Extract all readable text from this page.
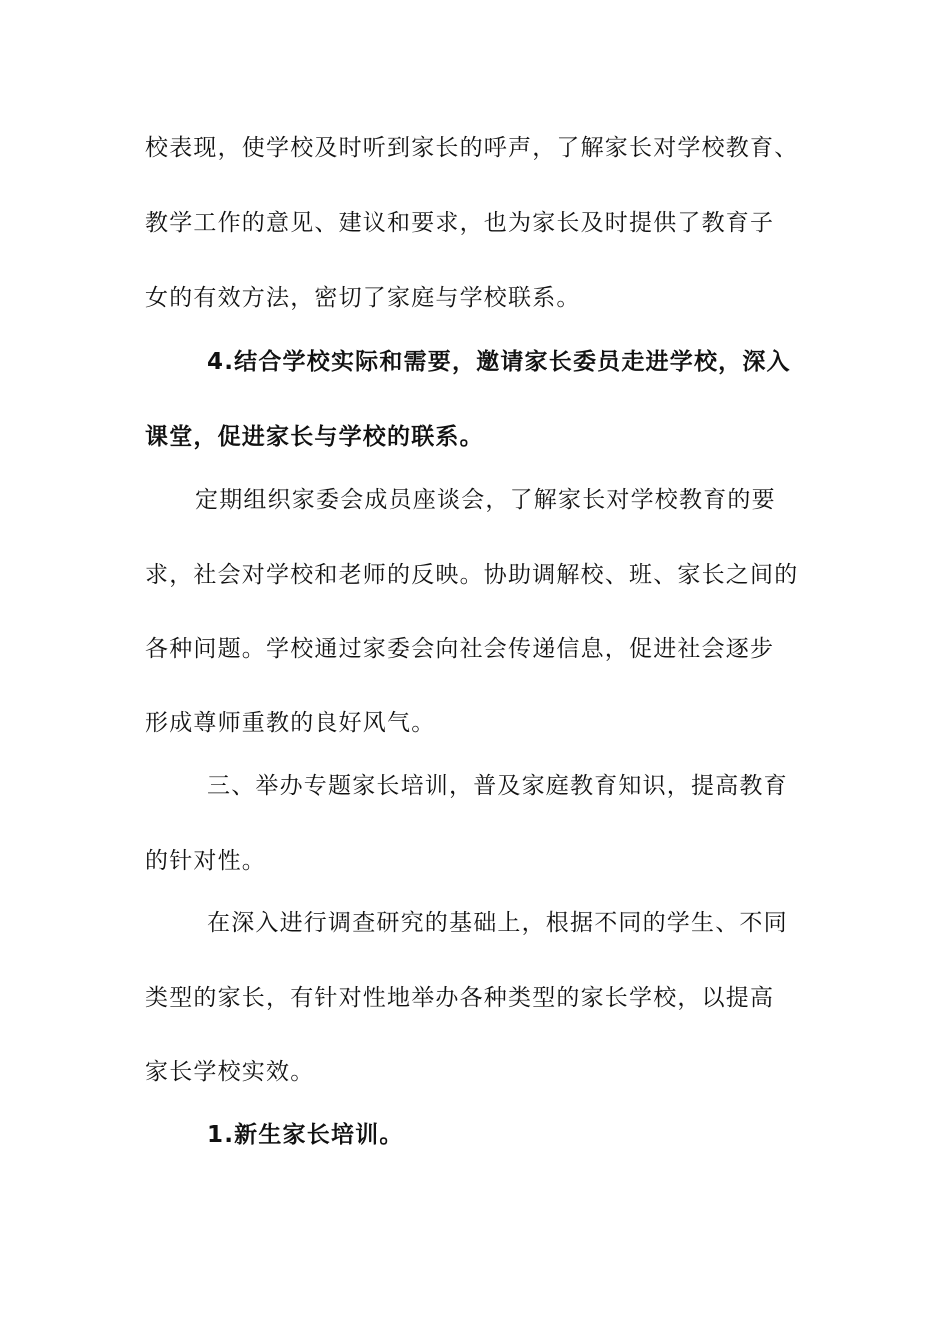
校表现，使学校及时听到家长的呼声，了解家长对学校教育、
教学工作的意见、建议和要求，也为家长及时提供了教育子
女的有效方法，密切了家庭与学校联系。
4.结合学校实际和需要，邀请家长委员走进学校，深入
课堂，促进家长与学校的联系。
定期组织家委会成员座谈会，了解家长对学校教育的要
求，社会对学校和老师的反映。协助调解校、班、家长之间的
各种问题。学校通过家委会向社会传递信息，促进社会逐步
形成尊师重教的良好风气。
三、举办专题家长培训，普及家庭教育知识，提高教育
的针对性。
在深入进行调查研究的基础上，根据不同的学生、不同
类型的家长，有针对性地举办各种类型的家长学校，以提高
家长学校实效。
1.新生家长培训。
